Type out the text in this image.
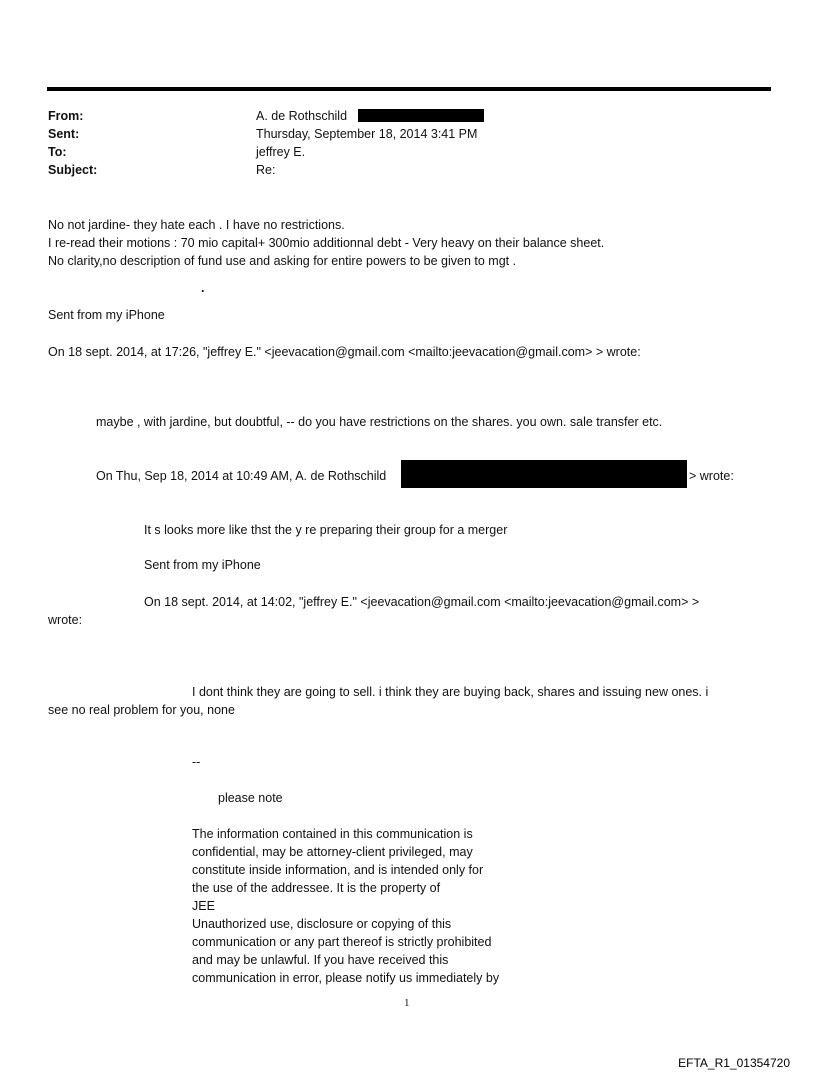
From:	A. de Rothschild
Sent:	Thursday, September 18, 2014 3:41 PM
To:	jeffrey E.
Subject:	Re:
No not jardine- they hate each . I have no restrictions.
I re-read their motions : 70 mio capital+ 300mio additionnal debt - Very heavy on their balance sheet.
No clarity,no description of fund use and asking for entire powers to be given to mgt .
.
Sent from my iPhone
On 18 sept. 2014, at 17:26, "jeffrey E." <jeevacation@gmail.com <mailto:jeevacation@gmail.com> > wrote:
maybe , with jardine, but doubtful, -- do you have restrictions on the shares. you own. sale transfer etc.
On Thu, Sep 18, 2014 at 10:49 AM, A. de Rothschild	> wrote:
It s looks more like thst the y re preparing their group for a merger
Sent from my iPhone
On 18 sept. 2014, at 14:02, "jeffrey E." <jeevacation@gmail.com <mailto:jeevacation@gmail.com> >
wrote:
I dont think they are going to sell. i think they are buying back, shares and issuing new ones. i
see no real problem for you, none
--
please note
The information contained in this communication is
confidential, may be attorney-client privileged, may
constitute inside information, and is intended only for
the use of the addressee. It is the property of
JEE
Unauthorized use, disclosure or copying of this
communication or any part thereof is strictly prohibited
and may be unlawful. If you have received this
communication in error, please notify us immediately by
1
EFTA_R1_01354720
